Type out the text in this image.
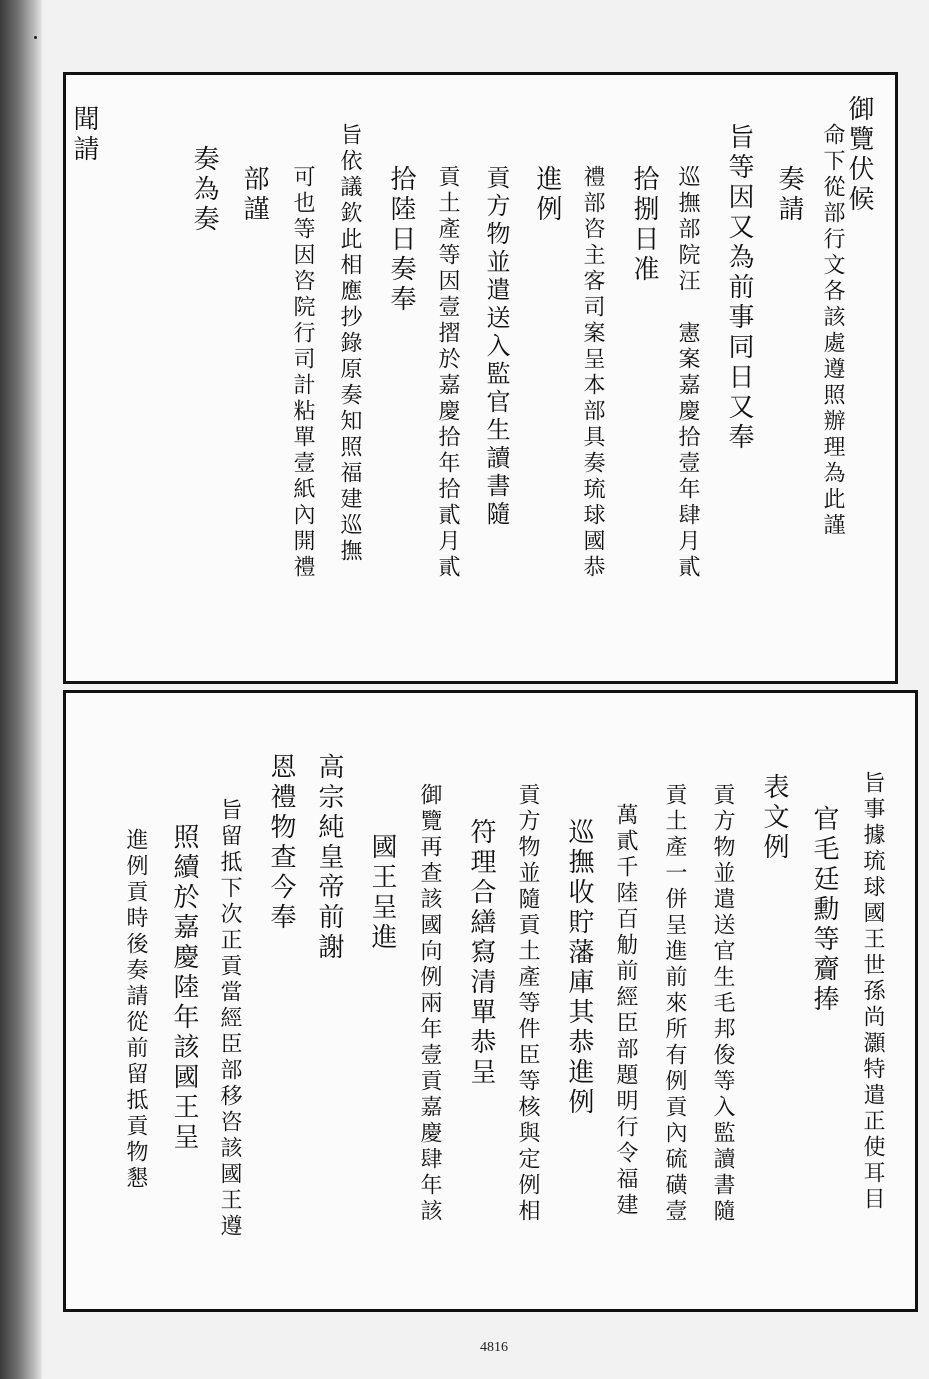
御覽伏候
命下從部行文各該處遵照辦理為此謹
奏請
旨等因又為前事同日又奉
巡撫部院汪　憲案嘉慶拾壹年肆月貳
拾捌日准
禮部咨主客司案呈本部具奏琉球國恭
進例
貢方物並遣送入監官生讀書隨
貢土產等因壹摺於嘉慶拾年拾貳月貳
拾陸日奏奉
旨依議欽此相應抄錄原奏知照福建巡撫
可也等因咨院行司計粘單壹紙內開禮
部謹
奏為奏
聞請
旨事據琉球國王世孫尚灝特遣正使耳目
官毛廷勳等齎捧
表文例
貢方物並遣送官生毛邦俊等入監讀書隨
貢土產一併呈進前來所有例貢內硫磺壹
萬貳千陸百觔前經臣部題明行令福建
巡撫收貯藩庫其恭進例
貢方物並隨貢土產等件臣等核與定例相
符理合繕寫清單恭呈
御覽再查該國向例兩年壹貢嘉慶肆年該
國王呈進
高宗純皇帝前謝
恩禮物查今奉
旨留抵下次正貢當經臣部移咨該國王遵
照續於嘉慶陸年該國王呈
進例貢時後奏請從前留抵貢物懇
4816
